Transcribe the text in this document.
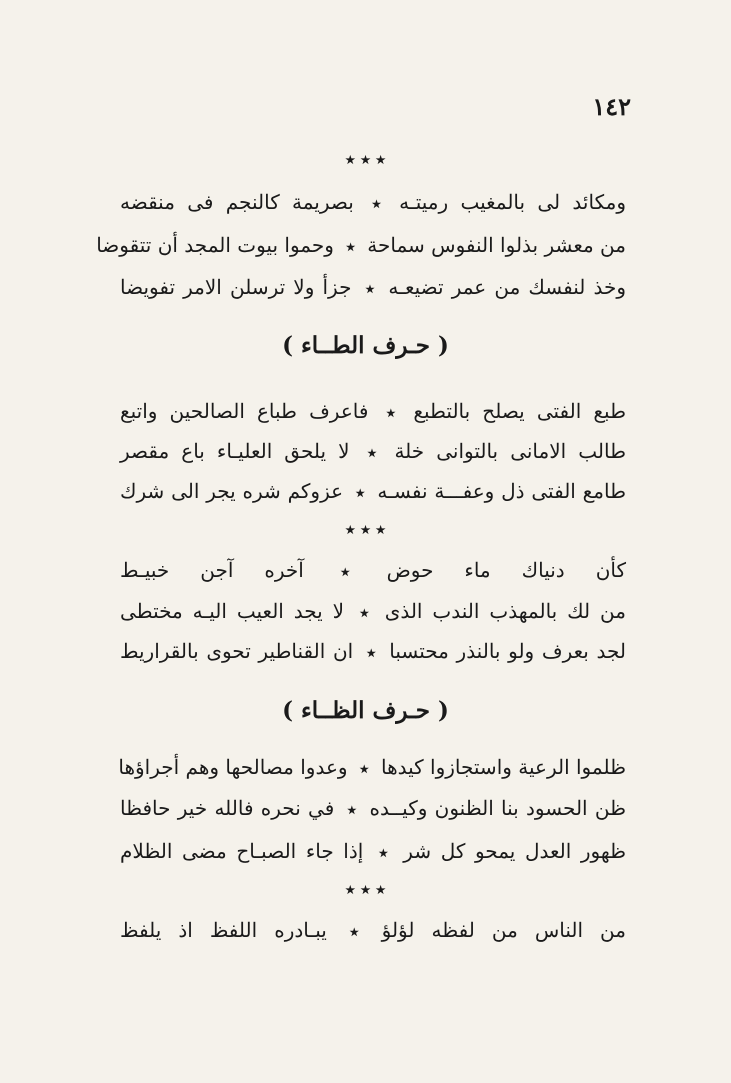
١٤٢
٭ ٭ ٭
ومكائد لى بالمغيب رميتـه ٭ بصريمة كالنجم فى منقضه
من معشر بذلوا النفوس سماحة ٭ وحموا بيوت المجد أن تتقوضا
وخذ لنفسك من عمر تضيعـه ٭ جزأ ولا ترسلن الامر تفويضا
( حـرف الطــاء )
طبع الفتى يصلح بالتطبع ٭ فاعرف طباع الصالحين واتبع
طالب الامانى بالتوانى خلة ٭ لا يلحق العليـاء باع مقصر
طامع الفتى ذل وعفـــة نفسـه ٭ عزوكم شره يجر الى شرك
٭ ٭ ٭
كأن دنياك ماء حوض ٭ آخره آجن خبيـط
من لك بالمهذب الندب الذى ٭ لا يجد العيب اليـه مختطى
لجد بعرف ولو بالنذر محتسبا ٭ ان القناطير تحوى بالقراريط
( حـرف الظــاء )
ظلموا الرعية واستجازوا كيدها ٭ وعدوا مصالحها وهم أجراؤها
ظن الحسود بنا الظنون وكيــده ٭ في نحره فالله خير حافظا
ظهور العدل يمحو كل شر ٭ إذا جاء الصبـاح مضى الظلام
٭ ٭ ٭
من الناس من لفظه لؤلؤ ٭ يبـادره اللفظ اذ يلفظ
